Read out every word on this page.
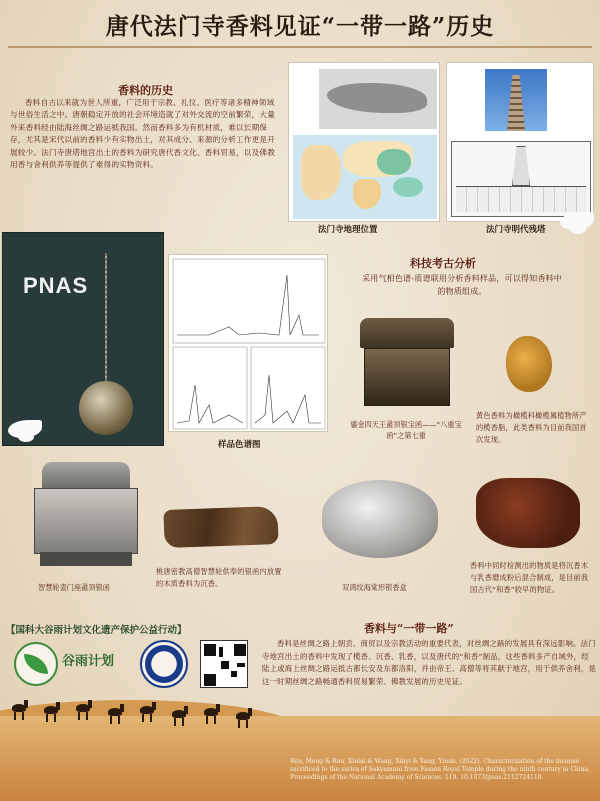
唐代法门寺香料见证“一带一路”历史
香料的历史
香料自古以来就为世人所重，广泛用于宗教、礼仪、医疗等诸多精神领域与世俗生活之中。唐朝稳定开放的社会环境造就了对外交流的空前繁荣，大量外来香料经由陆海丝绸之路运抵我国。然而香料多为有机材质，难以长期保存，尤其是宋代以前的香料少有实物出土，对其成分、来源的分析工作更是开展较少。法门寺唐塔地宫出土的香料为研究唐代香文化、香料贸易，以及佛教用香与舍利供养等提供了难得的实物资料。
法门寺地理位置	法门寺明代残塔
PNAS
样品色谱图
科技考古分析
采用气相色谱-质谱联用分析香料样品，可以得知香料中的物质组成。
鎏金四天王盝顶银宝函——“八重宝函”之第七重
黄色香料为橄榄科橄榄属植物所产的榄香脂，此类香料为目前我国首次发现。
智慧轮壶门座盝顶银函
桃唐密教高僧智慧轮供奉的银函内放置的木质香料为沉香。	双鸿纹海棠形银香盒
香料中同时检测出的物质是将沉香木与乳香磨成粉后混合制成，是目前我国古代“和香”较早的物证。
【国科大谷雨计划文化遗产保护公益行动】
谷雨计划
香料与“一带一路”
香料是丝绸之路上朝贡、商贸以及宗教活动的重要代表，对丝绸之路的发展具有深远影响。法门寺地宫出土的香料中发现了榄香、沉香、乳香，以及唐代的“和香”制品，这些香料多产自域外，经陆上或海上丝绸之路运抵古都长安及东都洛阳，并由帝王、高僧等将其献于地宫，用于供养舍利，是这一时期丝绸之路畅通香料贸易繁荣、佛教发展的历史见证。
Ren, Meng & Ren, Xinlai & Wang, Xinyi & Yang, Yimin. (2022). Characterization of the incense sacrificed to the sarira of Sakyamuni from Famen Royal Temple during the ninth century in China. Proceedings of the National Academy of Sciences. 119. 10.1073/pnas.2112724119.
